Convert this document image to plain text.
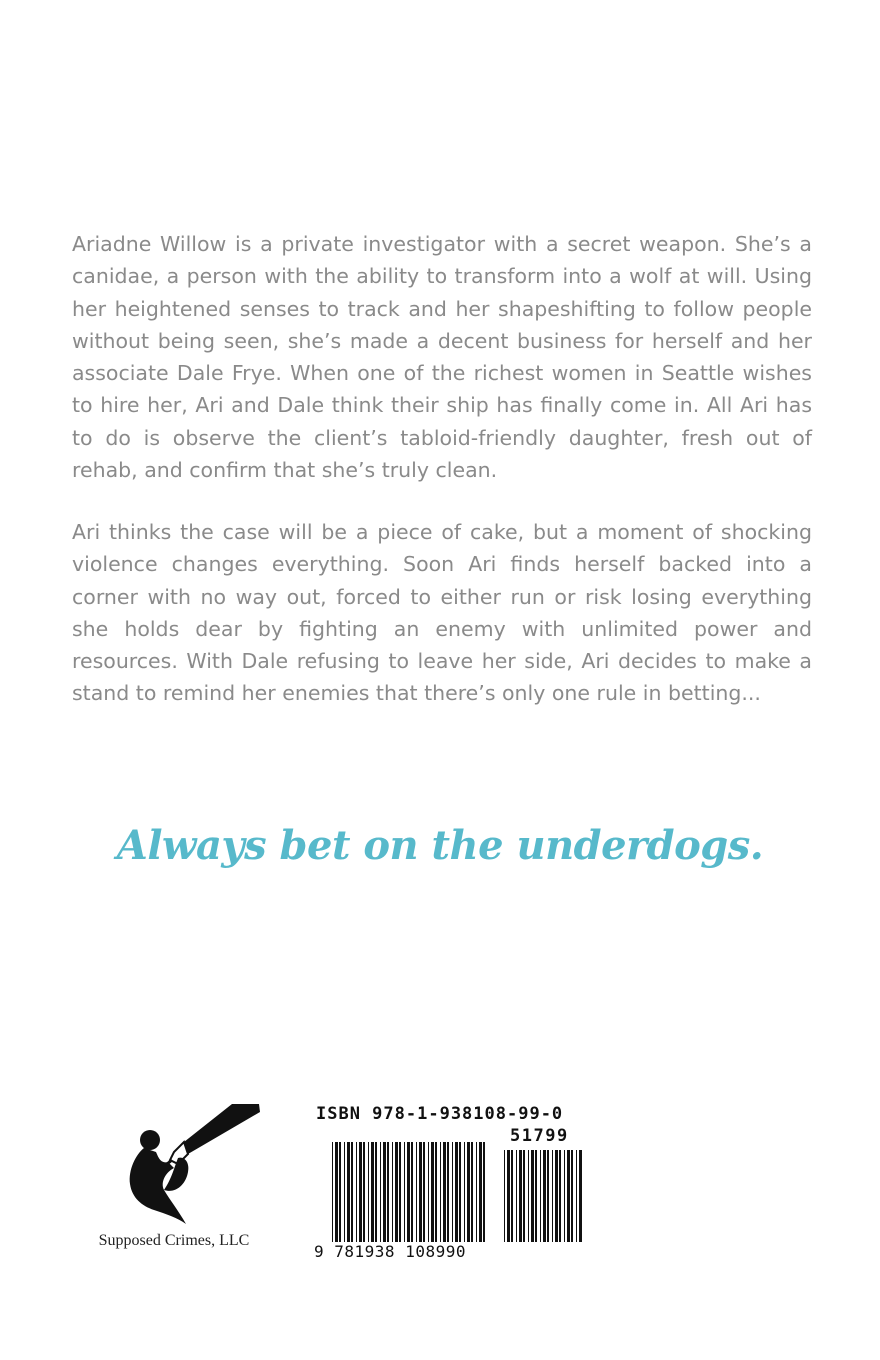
Ariadne Willow is a private investigator with a secret weapon. She’s a canidae, a person with the ability to transform into a wolf at will. Using her heightened senses to track and her shapeshifting to follow people without being seen, she’s made a decent business for herself and her associate Dale Frye. When one of the richest women in Seattle wishes to hire her, Ari and Dale think their ship has finally come in. All Ari has to do is observe the client’s tabloid-friendly daughter, fresh out of rehab, and confirm that she’s truly clean.

Ari thinks the case will be a piece of cake, but a moment of shocking violence changes everything. Soon Ari finds herself backed into a corner with no way out, forced to either run or risk losing everything she holds dear by fighting an enemy with unlimited power and resources. With Dale refusing to leave her side, Ari decides to make a stand to remind her enemies that there’s only one rule in betting...

Always bet on the underdogs.
Supposed Crimes, LLC
ISBN 978-1-938108-99-0
51799
9 781938 108990
